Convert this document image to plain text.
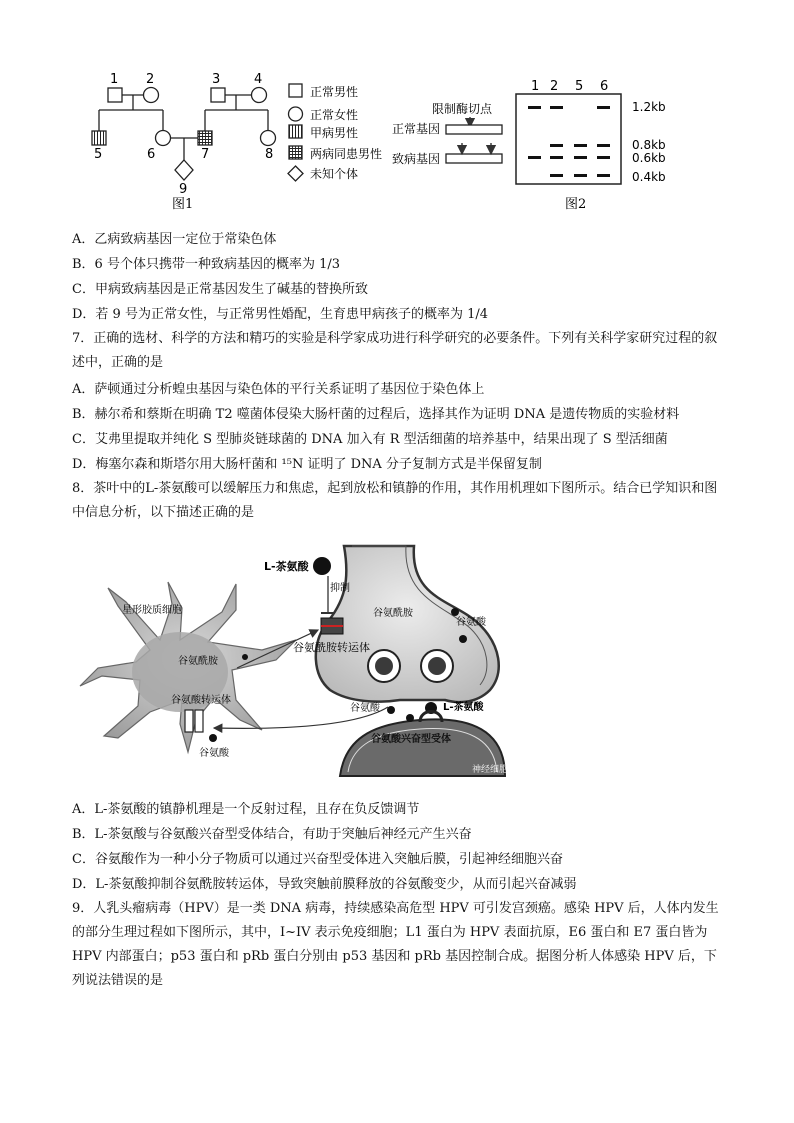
1 2	3	4
5	6	7	8
9
图1
正常男性
正常女性
甲病男性
两病同患男性
未知个体
限制酶切点
正常基因
致病基因
1 2 5 6
1.2kb
0.8kb
0.6kb
0.4kb
图2
L-茶氨酸
抑制
星形胶质细胞	谷氨酰胺
谷氨酸
谷氨酰胺转运体
谷氨酰胺
谷氨酸转运体
谷氨酸
谷氨酸	L-茶氨酸
谷氨酸兴奋型受体
神经细胞
A．乙病致病基因一定位于常染色体
B．6 号个体只携带一种致病基因的概率为 1/3
C．甲病致病基因是正常基因发生了碱基的替换所致
D．若 9 号为正常女性，与正常男性婚配，生育患甲病孩子的概率为 1/4
7．正确的选材、科学的方法和精巧的实验是科学家成功进行科学研究的必要条件。下列有关科学家研究过程的叙述中，正确的是
A．萨顿通过分析蝗虫基因与染色体的平行关系证明了基因位于染色体上
B．赫尔希和蔡斯在明确 T2 噬菌体侵染大肠杆菌的过程后，选择其作为证明 DNA 是遗传物质的实验材料
C．艾弗里提取并纯化 S 型肺炎链球菌的 DNA 加入有 R 型活细菌的培养基中，结果出现了 S 型活细菌
D．梅塞尔森和斯塔尔用大肠杆菌和 ¹⁵N 证明了 DNA 分子复制方式是半保留复制
8．茶叶中的L-茶氨酸可以缓解压力和焦虑，起到放松和镇静的作用，其作用机理如下图所示。结合已学知识和图中信息分析，以下描述正确的是
A．L-茶氨酸的镇静机理是一个反射过程，且存在负反馈调节
B．L-茶氨酸与谷氨酸兴奋型受体结合，有助于突触后神经元产生兴奋
C．谷氨酸作为一种小分子物质可以通过兴奋型受体进入突触后膜，引起神经细胞兴奋
D．L-茶氨酸抑制谷氨酰胺转运体，导致突触前膜释放的谷氨酸变少，从而引起兴奋减弱
9．人乳头瘤病毒（HPV）是一类 DNA 病毒，持续感染高危型 HPV 可引发宫颈癌。感染 HPV 后，人体内发生的部分生理过程如下图所示，其中，I~IV 表示免疫细胞；L1 蛋白为 HPV 表面抗原，E6 蛋白和 E7 蛋白皆为 HPV 内部蛋白；p53 蛋白和 pRb 蛋白分别由 p53 基因和 pRb 基因控制合成。据图分析人体感染 HPV 后，下列说法错误的是
